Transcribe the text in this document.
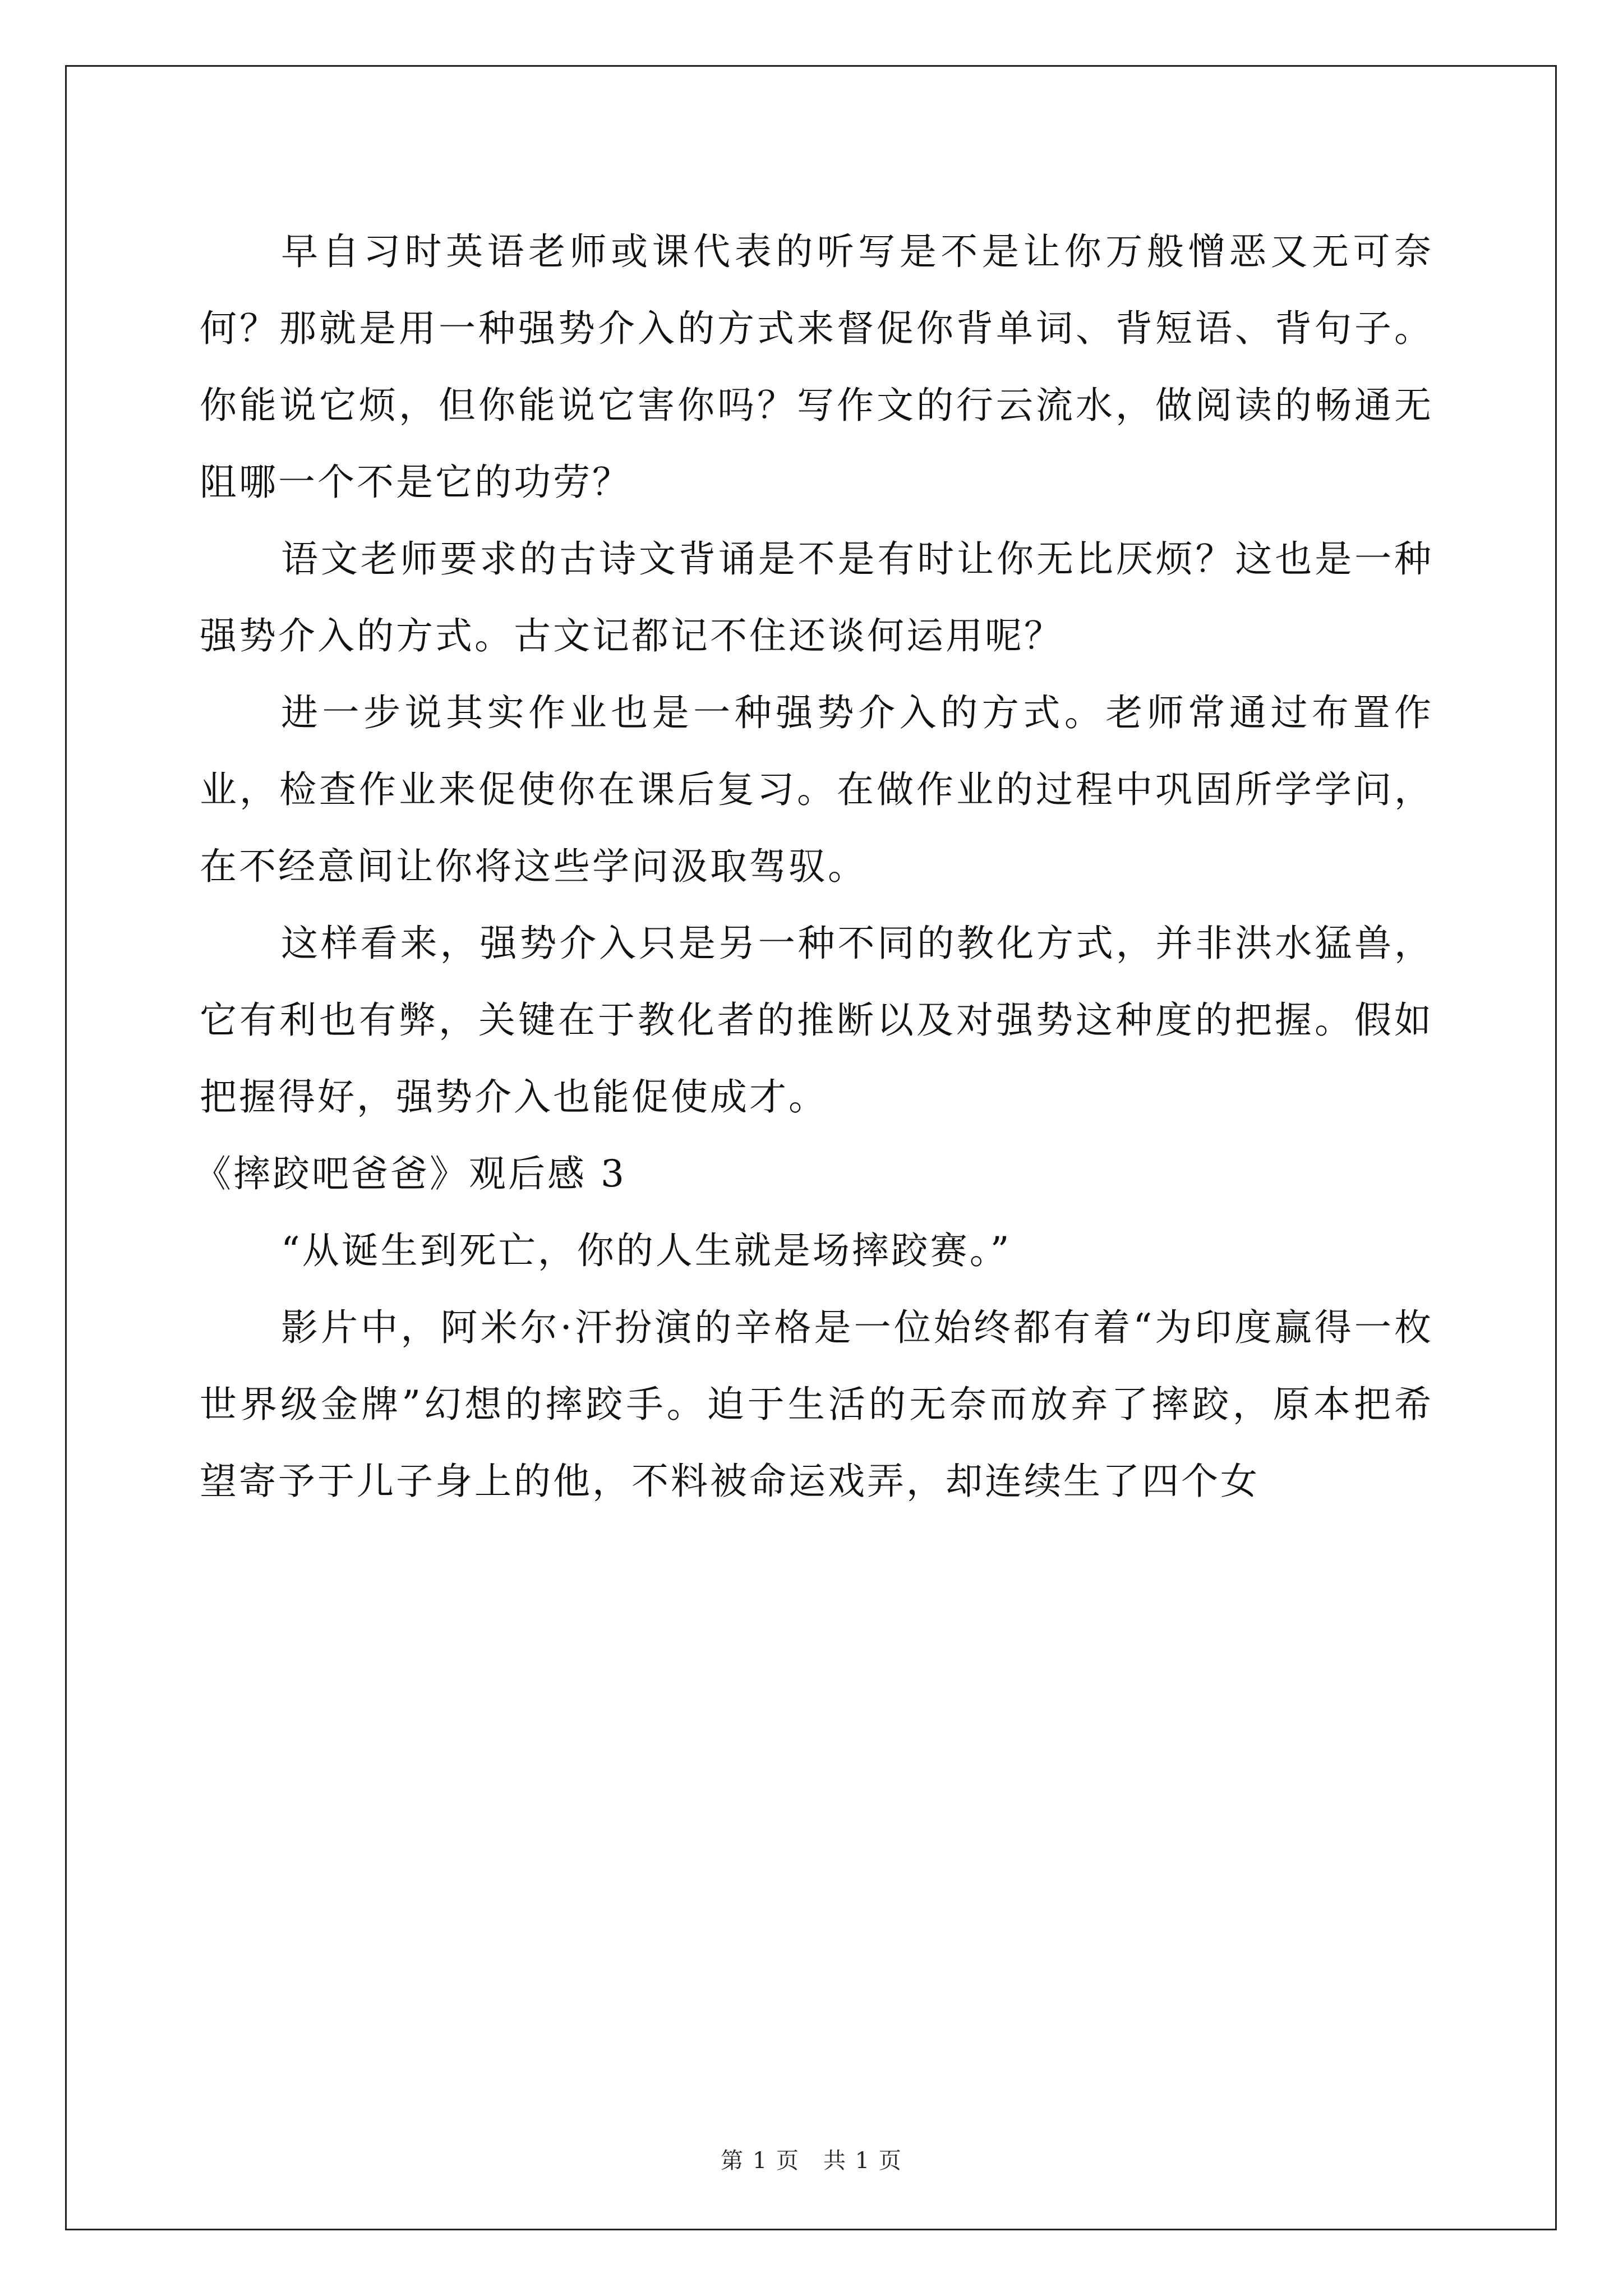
早自习时英语老师或课代表的听写是不是让你万般憎恶又无可奈何？那就是用一种强势介入的方式来督促你背单词、背短语、背句子。你能说它烦，但你能说它害你吗？写作文的行云流水，做阅读的畅通无阻哪一个不是它的功劳？

语文老师要求的古诗文背诵是不是有时让你无比厌烦？这也是一种强势介入的方式。古文记都记不住还谈何运用呢？

进一步说其实作业也是一种强势介入的方式。老师常通过布置作业，检查作业来促使你在课后复习。在做作业的过程中巩固所学学问，在不经意间让你将这些学问汲取驾驭。

这样看来，强势介入只是另一种不同的教化方式，并非洪水猛兽，它有利也有弊，关键在于教化者的推断以及对强势这种度的把握。假如把握得好，强势介入也能促使成才。

《摔跤吧爸爸》观后感 3

“从诞生到死亡，你的人生就是场摔跤赛。”

影片中，阿米尔·汗扮演的辛格是一位始终都有着“为印度赢得一枚世界级金牌”幻想的摔跤手。迫于生活的无奈而放弃了摔跤，原本把希望寄予于儿子身上的他，不料被命运戏弄，却连续生了四个女

第 1 页　共 1 页
